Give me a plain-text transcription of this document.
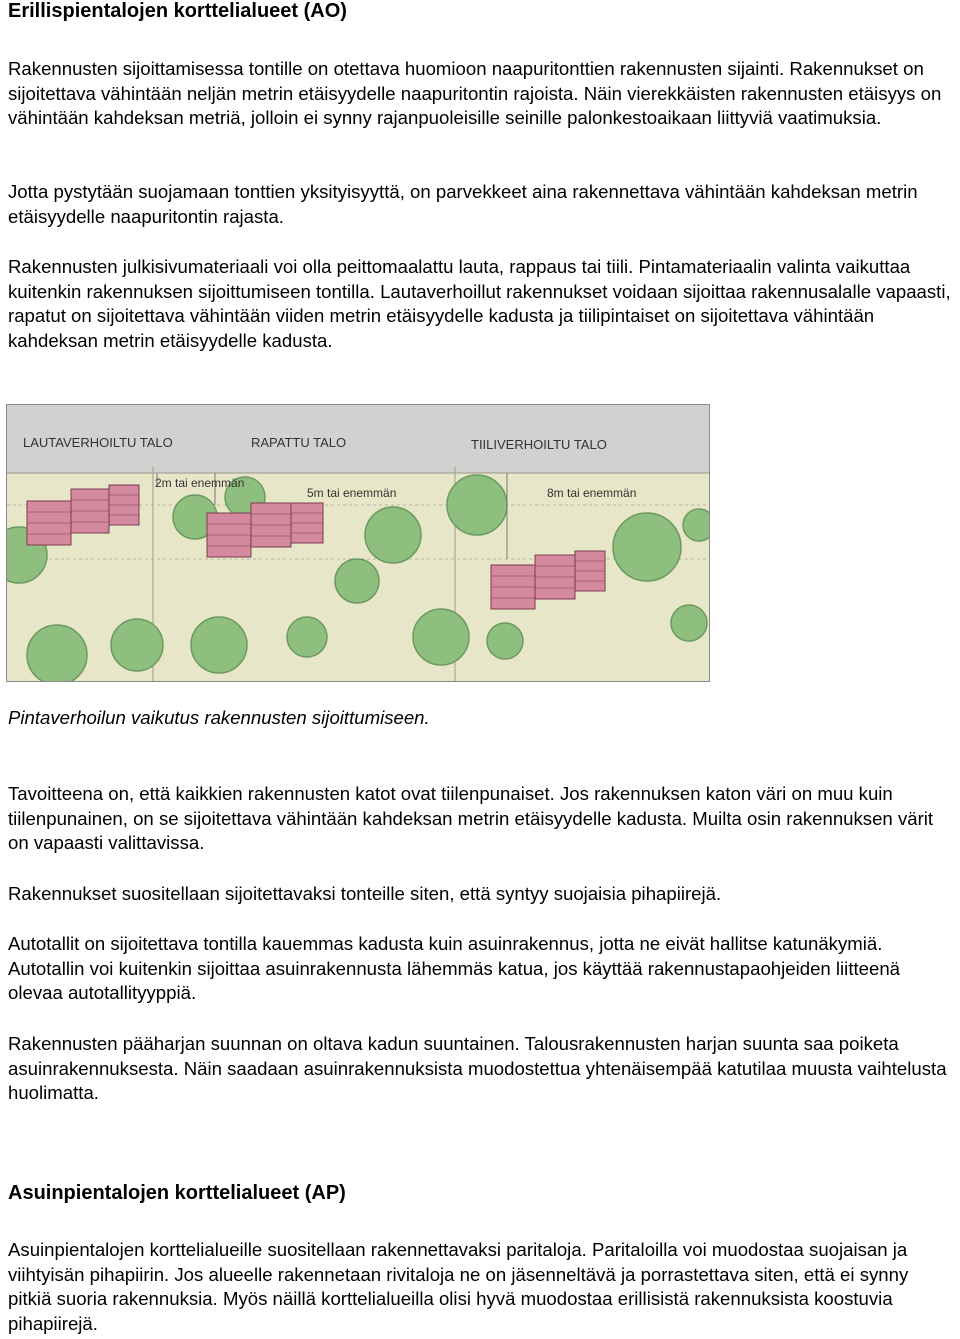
Erillispientalojen korttelialueet (AO)

Rakennusten sijoittamisessa tontille on otettava huomioon naapuritonttien rakennusten sijainti. Rakennukset on sijoitettava vähintään neljän metrin etäisyydelle naapuritontin rajoista. Näin vierekkäisten rakennusten etäisyys on vähintään kahdeksan metriä, jolloin ei synny rajanpuoleisille seinille palonkestoaikaan liittyviä vaatimuksia.

Jotta pystytään suojamaan tonttien yksityisyyttä, on parvekkeet aina rakennettava vähintään kahdeksan metrin etäisyydelle naapuritontin rajasta.

Rakennusten julkisivumateriaali voi olla peittomaalattu lauta, rappaus tai tiili. Pintamateriaalin valinta vaikuttaa kuitenkin rakennuksen sijoittumiseen tontilla. Lautaverhoillut rakennukset voidaan sijoittaa rakennusalalle vapaasti, rapatut on sijoitettava vähintään viiden metrin etäisyydelle kadusta ja tiilipintaiset on sijoitettava vähintään kahdeksan metrin etäisyydelle kadusta.

LAUTAVERHOILTU TALO	RAPATTU TALO	TIILIVERHOILTU TALO
2m tai enemmän
5m tai enemmän	8m tai enemmän

Pintaverhoilun vaikutus rakennusten sijoittumiseen.

Tavoitteena on, että kaikkien rakennusten katot ovat tiilenpunaiset. Jos rakennuksen katon väri on muu kuin tiilenpunainen, on se sijoitettava vähintään kahdeksan metrin etäisyydelle kadusta. Muilta osin rakennuksen värit on vapaasti valittavissa.

Rakennukset suositellaan sijoitettavaksi tonteille siten, että syntyy suojaisia pihapiirejä.

Autotallit on sijoitettava tontilla kauemmas kadusta kuin asuinrakennus, jotta ne eivät hallitse katunäkymiä. Autotallin voi kuitenkin sijoittaa asuinrakennusta lähemmäs katua, jos käyttää rakennustapaohjeiden liitteenä olevaa autotallityyppiä.

Rakennusten pääharjan suunnan on oltava kadun suuntainen. Talousrakennusten harjan suunta saa poiketa asuinrakennuksesta. Näin saadaan asuinrakennuksista muodostettua yhtenäisempää katutilaa muusta vaihtelusta huolimatta.

Asuinpientalojen korttelialueet (AP)

Asuinpientalojen korttelialueille suositellaan rakennettavaksi paritaloja. Paritaloilla voi muodostaa suojaisan ja viihtyisän pihapiirin. Jos alueelle rakennetaan rivitaloja ne on jäsenneltävä ja porrastettava siten, että ei synny pitkiä suoria rakennuksia. Myös näillä korttelialueilla olisi hyvä muodostaa erillisistä rakennuksista koostuvia pihapiirejä.
